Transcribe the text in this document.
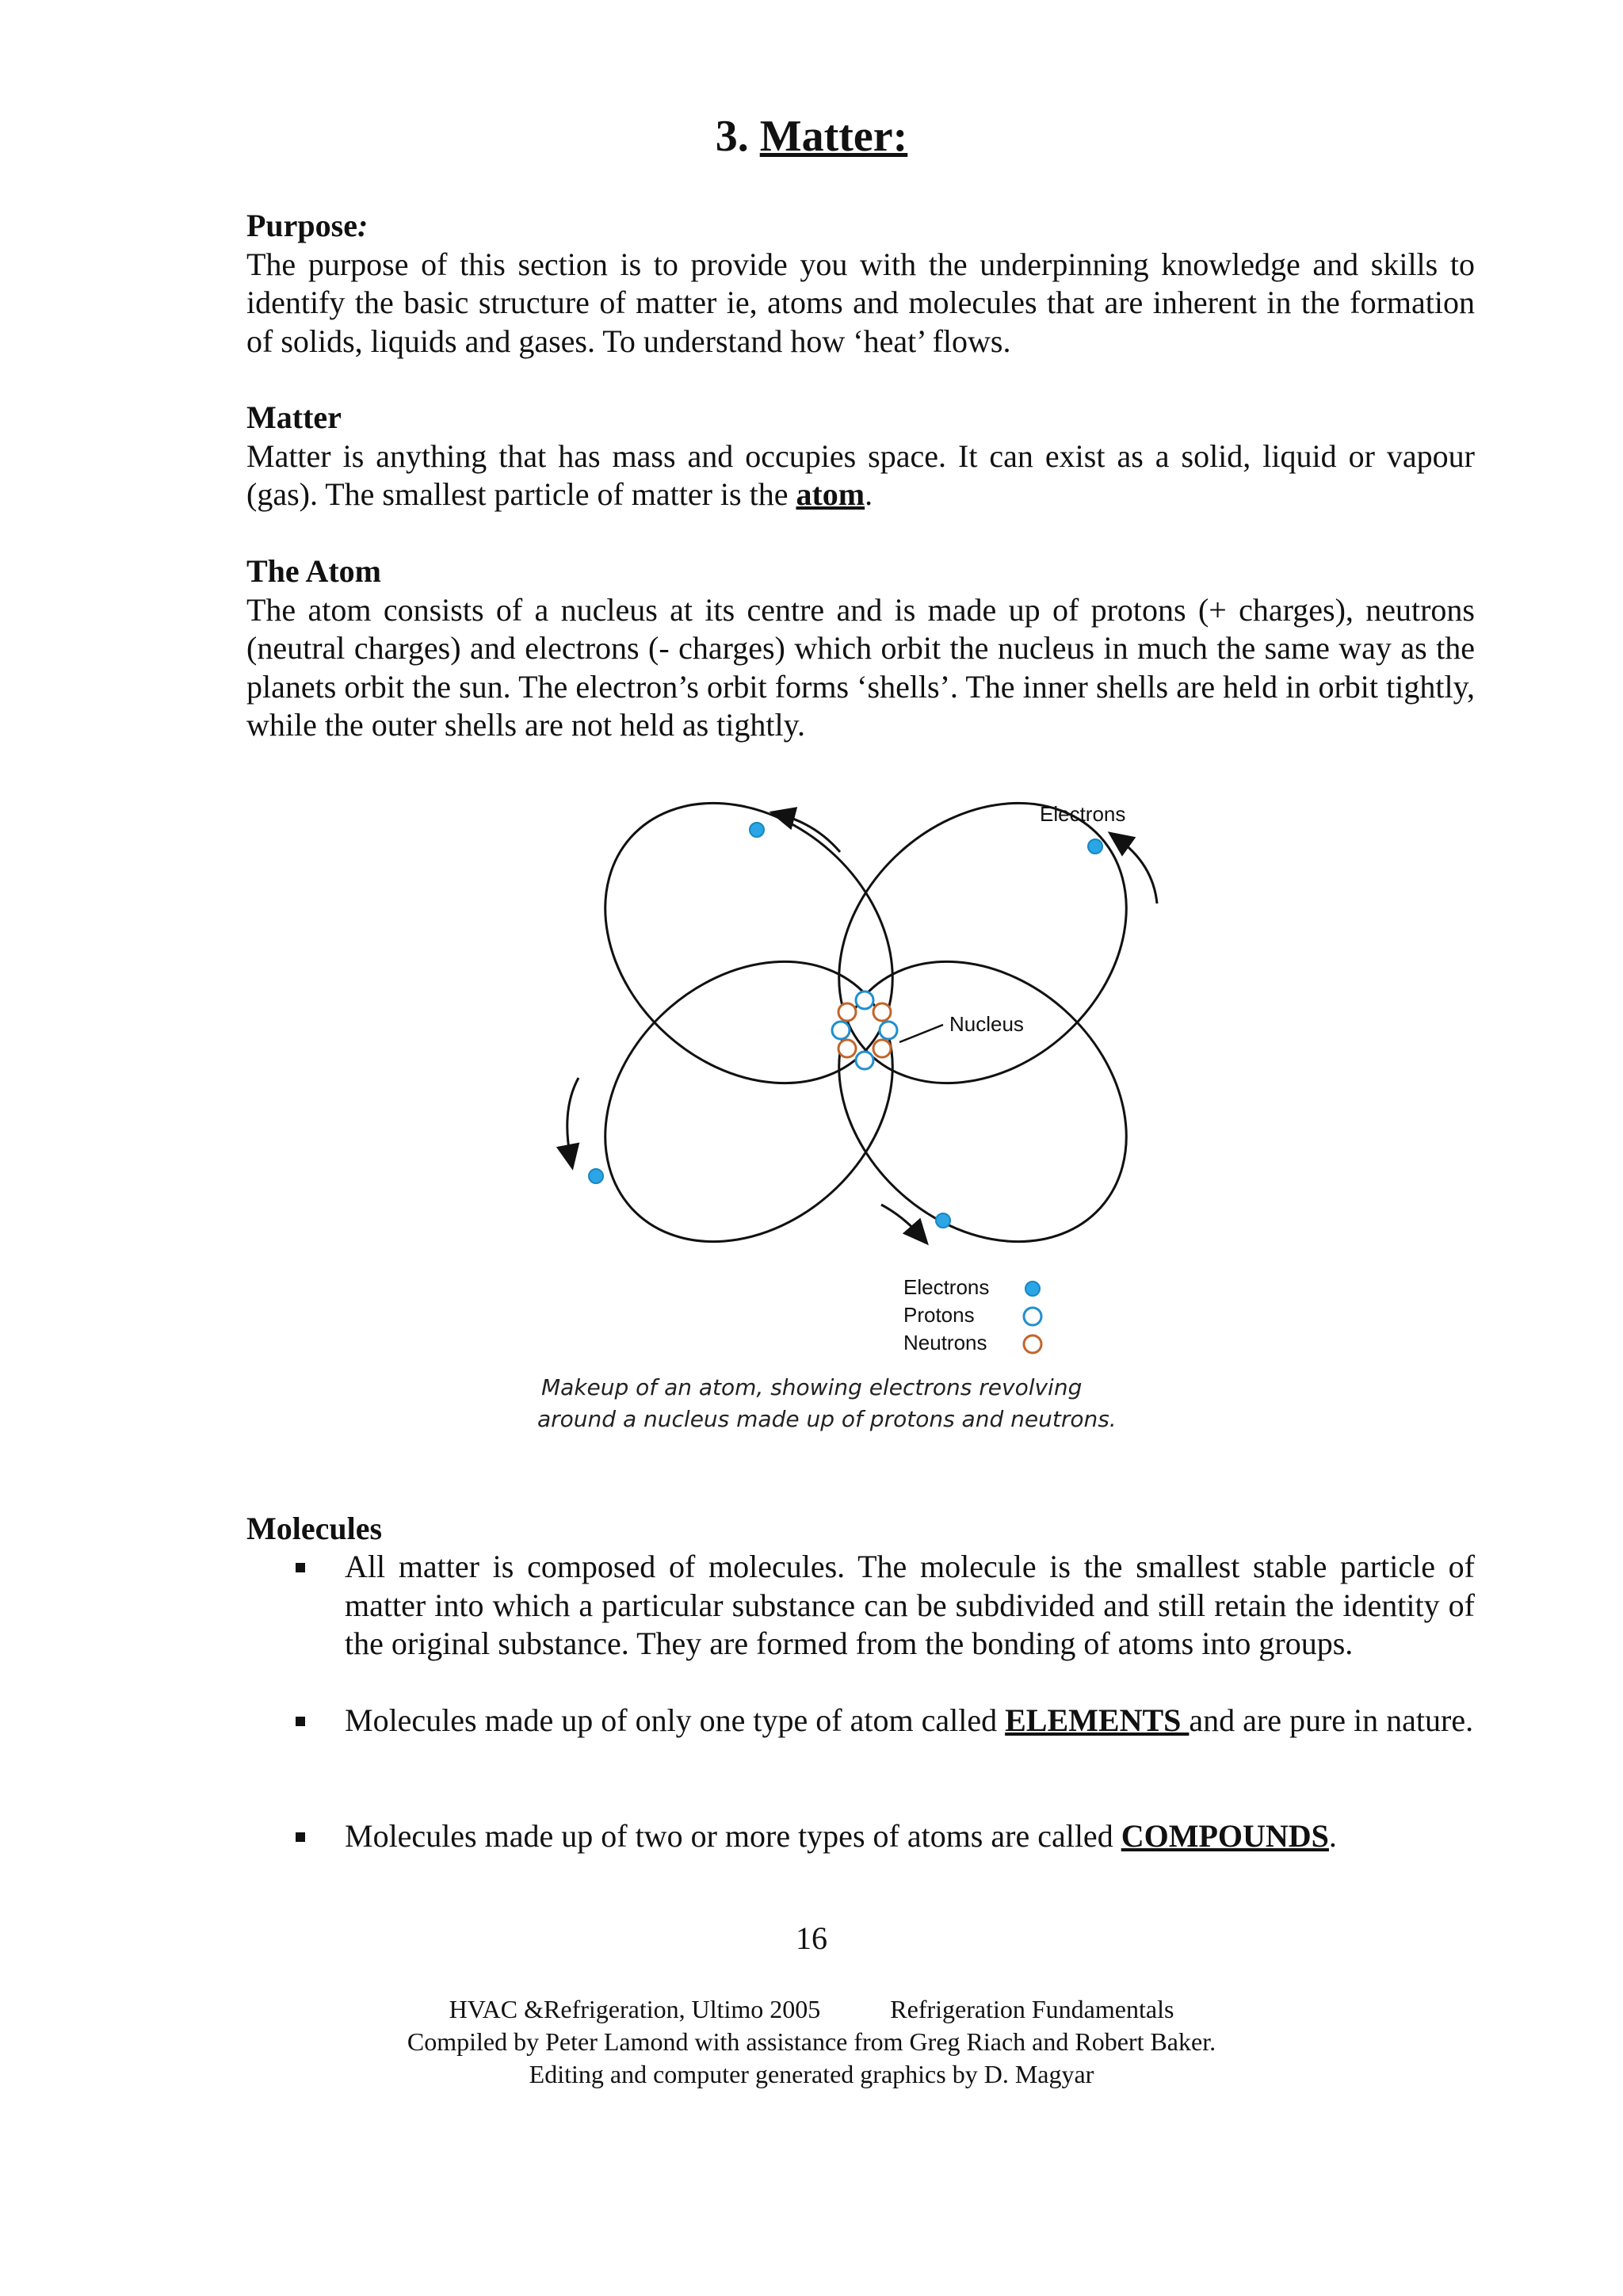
3. Matter:
Purpose:
The purpose of this section is to provide you with the underpinning knowledge and skills to identify the basic structure of matter ie, atoms and molecules that are inherent in the formation of solids, liquids and gases. To understand how ‘heat’ flows.
Matter
Matter is anything that has mass and occupies space. It can exist as a solid, liquid or vapour (gas). The smallest particle of matter is the atom.
The Atom
The atom consists of a nucleus at its centre and is made up of protons (+ charges), neutrons (neutral charges) and electrons (- charges) which orbit the nucleus in much the same way as the planets orbit the sun. The electron’s orbit forms ‘shells’. The inner shells are held in orbit tightly, while the outer shells are not held as tightly.
Electrons
Nucleus
Electrons
Protons
Neutrons
Makeup of an atom, showing electrons revolving
around a nucleus made up of protons and neutrons.
Molecules
All matter is composed of molecules. The molecule is the smallest stable particle of matter into which a particular substance can be subdivided and still retain the identity of the original substance. They are formed from the bonding of atoms into groups.
Molecules made up of only one type of atom called ELEMENTS and are pure in nature.
Molecules made up of two or more types of atoms are called COMPOUNDS.
16
HVAC &Refrigeration, Ultimo 2005	Refrigeration Fundamentals
Compiled by Peter Lamond with assistance from Greg Riach and Robert Baker.
Editing and computer generated graphics by D. Magyar
